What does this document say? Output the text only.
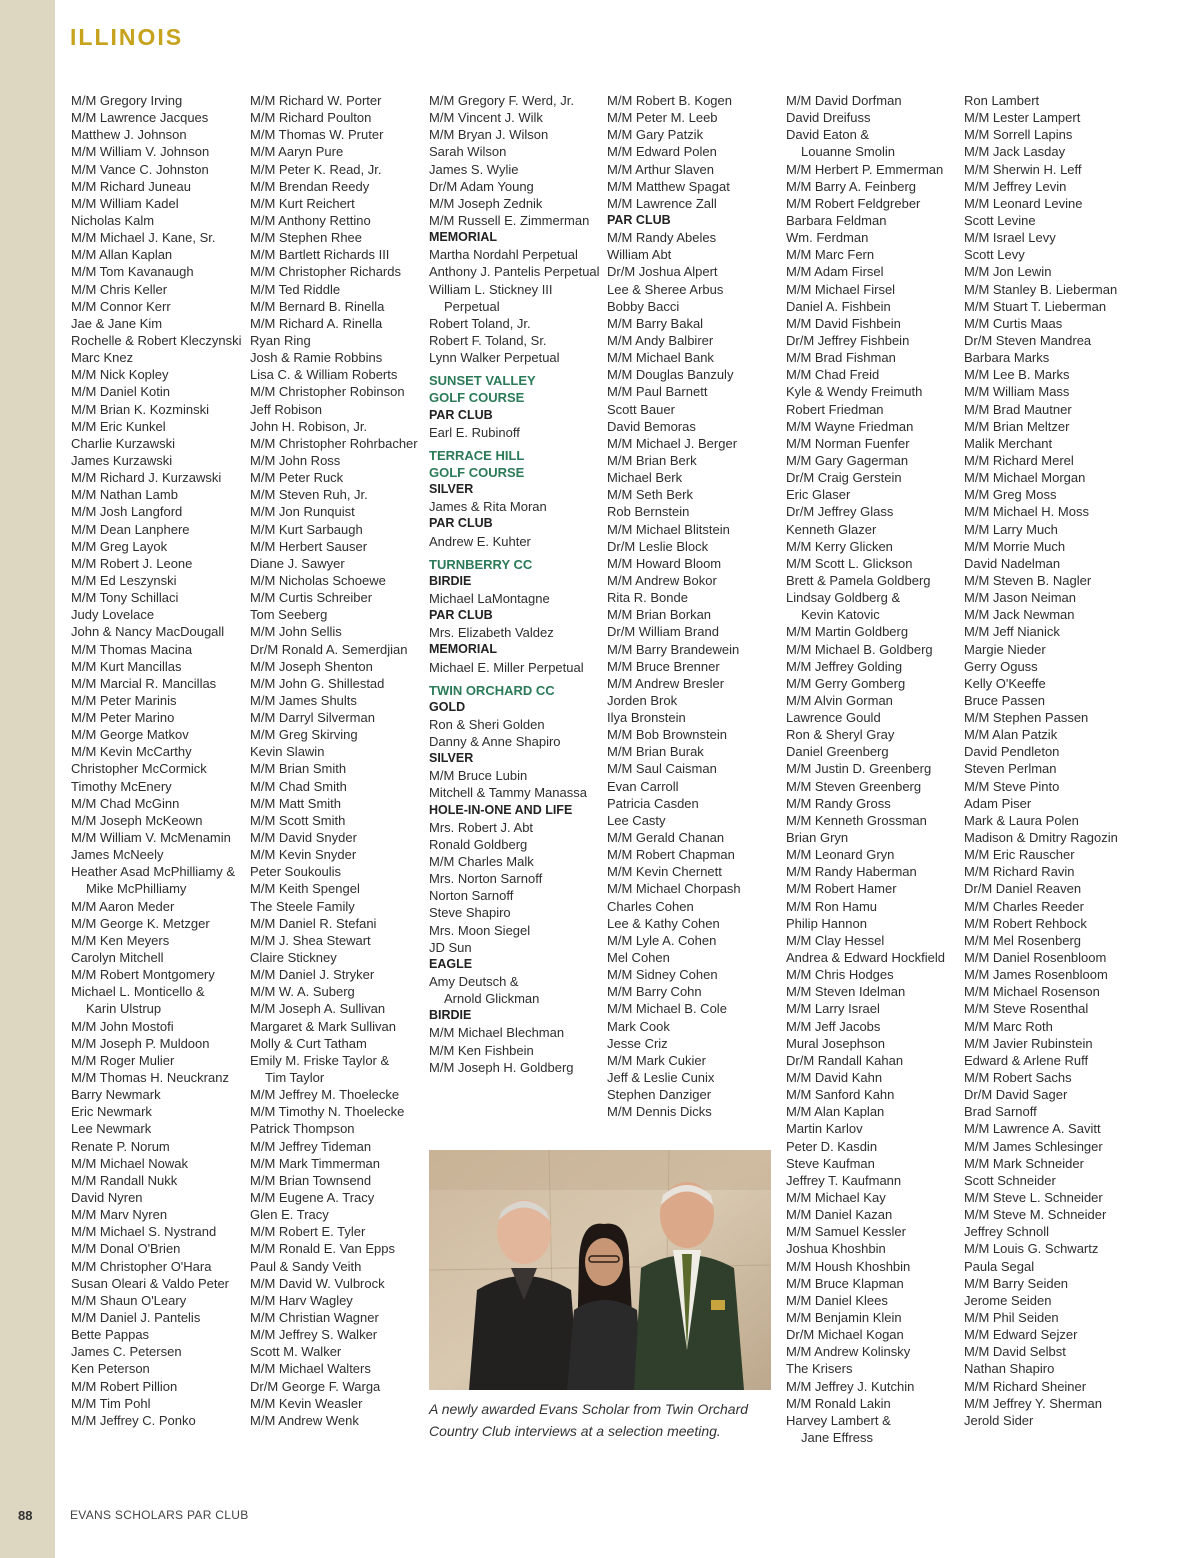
ILLINOIS
M/M Gregory Irving
M/M Lawrence Jacques
Matthew J. Johnson
M/M William V. Johnson
M/M Vance C. Johnston
M/M Richard Juneau
M/M William Kadel
Nicholas Kalm
M/M Michael J. Kane, Sr.
M/M Allan Kaplan
M/M Tom Kavanaugh
M/M Chris Keller
M/M Connor Kerr
Jae & Jane Kim
Rochelle & Robert Kleczynski
Marc Knez
M/M Nick Kopley
M/M Daniel Kotin
M/M Brian K. Kozminski
M/M Eric Kunkel
Charlie Kurzawski
James Kurzawski
M/M Richard J. Kurzawski
M/M Nathan Lamb
M/M Josh Langford
M/M Dean Lanphere
M/M Greg Layok
M/M Robert J. Leone
M/M Ed Leszynski
M/M Tony Schillaci
Judy Lovelace
John & Nancy MacDougall
M/M Thomas Macina
M/M Kurt Mancillas
M/M Marcial R. Mancillas
M/M Peter Marinis
M/M Peter Marino
M/M George Matkov
M/M Kevin McCarthy
Christopher McCormick
Timothy McEnery
M/M Chad McGinn
M/M Joseph McKeown
M/M William V. McMenamin
James McNeely
Heather Asad McPhilliamy &
Mike McPhilliamy
M/M Aaron Meder
M/M George K. Metzger
M/M Ken Meyers
Carolyn Mitchell
M/M Robert Montgomery
Michael L. Monticello &
Karin Ulstrup
M/M John Mostofi
M/M Joseph P. Muldoon
M/M Roger Mulier
M/M Thomas H. Neuckranz
Barry Newmark
Eric Newmark
Lee Newmark
Renate P. Norum
M/M Michael Nowak
M/M Randall Nukk
David Nyren
M/M Marv Nyren
M/M Michael S. Nystrand
M/M Donal O'Brien
M/M Christopher O'Hara
Susan Oleari & Valdo Peter
M/M Shaun O'Leary
M/M Daniel J. Pantelis
Bette Pappas
James C. Petersen
Ken Peterson
M/M Robert Pillion
M/M Tim Pohl
M/M Jeffrey C. Ponko
M/M Richard W. Porter
M/M Richard Poulton
M/M Thomas W. Pruter
M/M Aaryn Pure
M/M Peter K. Read, Jr.
M/M Brendan Reedy
M/M Kurt Reichert
M/M Anthony Rettino
M/M Stephen Rhee
M/M Bartlett Richards III
M/M Christopher Richards
M/M Ted Riddle
M/M Bernard B. Rinella
M/M Richard A. Rinella
Ryan Ring
Josh & Ramie Robbins
Lisa C. & William Roberts
M/M Christopher Robinson
Jeff Robison
John H. Robison, Jr.
M/M Christopher Rohrbacher
M/M John Ross
M/M Peter Ruck
M/M Steven Ruh, Jr.
M/M Jon Runquist
M/M Kurt Sarbaugh
M/M Herbert Sauser
Diane J. Sawyer
M/M Nicholas Schoewe
M/M Curtis Schreiber
Tom Seeberg
M/M John Sellis
Dr/M Ronald A. Semerdjian
M/M Joseph Shenton
M/M John G. Shillestad
M/M James Shults
M/M Darryl Silverman
M/M Greg Skirving
Kevin Slawin
M/M Brian Smith
M/M Chad Smith
M/M Matt Smith
M/M Scott Smith
M/M David Snyder
M/M Kevin Snyder
Peter Soukoulis
M/M Keith Spengel
The Steele Family
M/M Daniel R. Stefani
M/M J. Shea Stewart
Claire Stickney
M/M Daniel J. Stryker
M/M W. A. Suberg
M/M Joseph A. Sullivan
Margaret & Mark Sullivan
Molly & Curt Tatham
Emily M. Friske Taylor &
Tim Taylor
M/M Jeffrey M. Thoelecke
M/M Timothy N. Thoelecke
Patrick Thompson
M/M Jeffrey Tideman
M/M Mark Timmerman
M/M Brian Townsend
M/M Eugene A. Tracy
Glen E. Tracy
M/M Robert E. Tyler
M/M Ronald E. Van Epps
Paul & Sandy Veith
M/M David W. Vulbrock
M/M Harv Wagley
M/M Christian Wagner
M/M Jeffrey S. Walker
Scott M. Walker
M/M Michael Walters
Dr/M George F. Warga
M/M Kevin Weasler
M/M Andrew Wenk
M/M Gregory F. Werd, Jr.
M/M Vincent J. Wilk
M/M Bryan J. Wilson
Sarah Wilson
James S. Wylie
Dr/M Adam Young
M/M Joseph Zednik
M/M Russell E. Zimmerman
MEMORIAL
Martha Nordahl Perpetual
Anthony J. Pantelis Perpetual
William L. Stickney III
Perpetual
Robert Toland, Jr.
Robert F. Toland, Sr.
Lynn Walker Perpetual
SUNSET VALLEY
GOLF COURSE
PAR CLUB
Earl E. Rubinoff
TERRACE HILL
GOLF COURSE
SILVER
James & Rita Moran
PAR CLUB
Andrew E. Kuhter
TURNBERRY CC
BIRDIE
Michael LaMontagne
PAR CLUB
Mrs. Elizabeth Valdez
MEMORIAL
Michael E. Miller Perpetual
TWIN ORCHARD CC
GOLD
Ron & Sheri Golden
Danny & Anne Shapiro
SILVER
M/M Bruce Lubin
Mitchell & Tammy Manassa
HOLE-IN-ONE AND LIFE
Mrs. Robert J. Abt
Ronald Goldberg
M/M Charles Malk
Mrs. Norton Sarnoff
Norton Sarnoff
Steve Shapiro
Mrs. Moon Siegel
JD Sun
EAGLE
Amy Deutsch &
Arnold Glickman
BIRDIE
M/M Michael Blechman
M/M Ken Fishbein
M/M Joseph H. Goldberg
M/M Robert B. Kogen
M/M Peter M. Leeb
M/M Gary Patzik
M/M Edward Polen
M/M Arthur Slaven
M/M Matthew Spagat
M/M Lawrence Zall
PAR CLUB
M/M Randy Abeles
William Abt
Dr/M Joshua Alpert
Lee & Sheree Arbus
Bobby Bacci
M/M Barry Bakal
M/M Andy Balbirer
M/M Michael Bank
M/M Douglas Banzuly
M/M Paul Barnett
Scott Bauer
David Bemoras
M/M Michael J. Berger
M/M Brian Berk
Michael Berk
M/M Seth Berk
Rob Bernstein
M/M Michael Blitstein
Dr/M Leslie Block
M/M Howard Bloom
M/M Andrew Bokor
Rita R. Bonde
M/M Brian Borkan
Dr/M William Brand
M/M Barry Brandewein
M/M Bruce Brenner
M/M Andrew Bresler
Jorden Brok
Ilya Bronstein
M/M Bob Brownstein
M/M Brian Burak
M/M Saul Caisman
Evan Carroll
Patricia Casden
Lee Casty
M/M Gerald Chanan
M/M Robert Chapman
M/M Kevin Chernett
M/M Michael Chorpash
Charles Cohen
Lee & Kathy Cohen
M/M Lyle A. Cohen
Mel Cohen
M/M Sidney Cohen
M/M Barry Cohn
M/M Michael B. Cole
Mark Cook
Jesse Criz
M/M Mark Cukier
Jeff & Leslie Cunix
Stephen Danziger
M/M Dennis Dicks
M/M David Dorfman
David Dreifuss
David Eaton &
Louanne Smolin
M/M Herbert P. Emmerman
M/M Barry A. Feinberg
M/M Robert Feldgreber
Barbara Feldman
Wm. Ferdman
M/M Marc Fern
M/M Adam Firsel
M/M Michael Firsel
Daniel A. Fishbein
M/M David Fishbein
Dr/M Jeffrey Fishbein
M/M Brad Fishman
M/M Chad Freid
Kyle & Wendy Freimuth
Robert Friedman
M/M Wayne Friedman
M/M Norman Fuenfer
M/M Gary Gagerman
Dr/M Craig Gerstein
Eric Glaser
Dr/M Jeffrey Glass
Kenneth Glazer
M/M Kerry Glicken
M/M Scott L. Glickson
Brett & Pamela Goldberg
Lindsay Goldberg &
Kevin Katovic
M/M Martin Goldberg
M/M Michael B. Goldberg
M/M Jeffrey Golding
M/M Gerry Gomberg
M/M Alvin Gorman
Lawrence Gould
Ron & Sheryl Gray
Daniel Greenberg
M/M Justin D. Greenberg
M/M Steven Greenberg
M/M Randy Gross
M/M Kenneth Grossman
Brian Gryn
M/M Leonard Gryn
M/M Randy Haberman
M/M Robert Hamer
M/M Ron Hamu
Philip Hannon
M/M Clay Hessel
Andrea & Edward Hockfield
M/M Chris Hodges
M/M Steven Idelman
M/M Larry Israel
M/M Jeff Jacobs
Mural Josephson
Dr/M Randall Kahan
M/M David Kahn
M/M Sanford Kahn
M/M Alan Kaplan
Martin Karlov
Peter D. Kasdin
Steve Kaufman
Jeffrey T. Kaufmann
M/M Michael Kay
M/M Daniel Kazan
M/M Samuel Kessler
Joshua Khoshbin
M/M Housh Khoshbin
M/M Bruce Klapman
M/M Daniel Klees
M/M Benjamin Klein
Dr/M Michael Kogan
M/M Andrew Kolinsky
The Krisers
M/M Jeffrey J. Kutchin
M/M Ronald Lakin
Harvey Lambert &
Jane Effress
Ron Lambert
M/M Lester Lampert
M/M Sorrell Lapins
M/M Jack Lasday
M/M Sherwin H. Leff
M/M Jeffrey Levin
M/M Leonard Levine
Scott Levine
M/M Israel Levy
Scott Levy
M/M Jon Lewin
M/M Stanley B. Lieberman
M/M Stuart T. Lieberman
M/M Curtis Maas
Dr/M Steven Mandrea
Barbara Marks
M/M Lee B. Marks
M/M William Mass
M/M Brad Mautner
M/M Brian Meltzer
Malik Merchant
M/M Richard Merel
M/M Michael Morgan
M/M Greg Moss
M/M Michael H. Moss
M/M Larry Much
M/M Morrie Much
David Nadelman
M/M Steven B. Nagler
M/M Jason Neiman
M/M Jack Newman
M/M Jeff Nianick
Margie Nieder
Gerry Oguss
Kelly O'Keeffe
Bruce Passen
M/M Stephen Passen
M/M Alan Patzik
David Pendleton
Steven Perlman
M/M Steve Pinto
Adam Piser
Mark & Laura Polen
Madison & Dmitry Ragozin
M/M Eric Rauscher
M/M Richard Ravin
Dr/M Daniel Reaven
M/M Charles Reeder
M/M Robert Rehbock
M/M Mel Rosenberg
M/M Daniel Rosenbloom
M/M James Rosenbloom
M/M Michael Rosenson
M/M Steve Rosenthal
M/M Marc Roth
M/M Javier Rubinstein
Edward & Arlene Ruff
M/M Robert Sachs
Dr/M David Sager
Brad Sarnoff
M/M Lawrence A. Savitt
M/M James Schlesinger
M/M Mark Schneider
Scott Schneider
M/M Steve L. Schneider
M/M Steve M. Schneider
Jeffrey Schnoll
M/M Louis G. Schwartz
Paula Segal
M/M Barry Seiden
Jerome Seiden
M/M Phil Seiden
M/M Edward Sejzer
M/M David Selbst
Nathan Shapiro
M/M Richard Sheiner
M/M Jeffrey Y. Sherman
Jerold Sider
A newly awarded Evans Scholar from Twin Orchard Country Club interviews at a selection meeting.
88	EVANS SCHOLARS PAR CLUB
